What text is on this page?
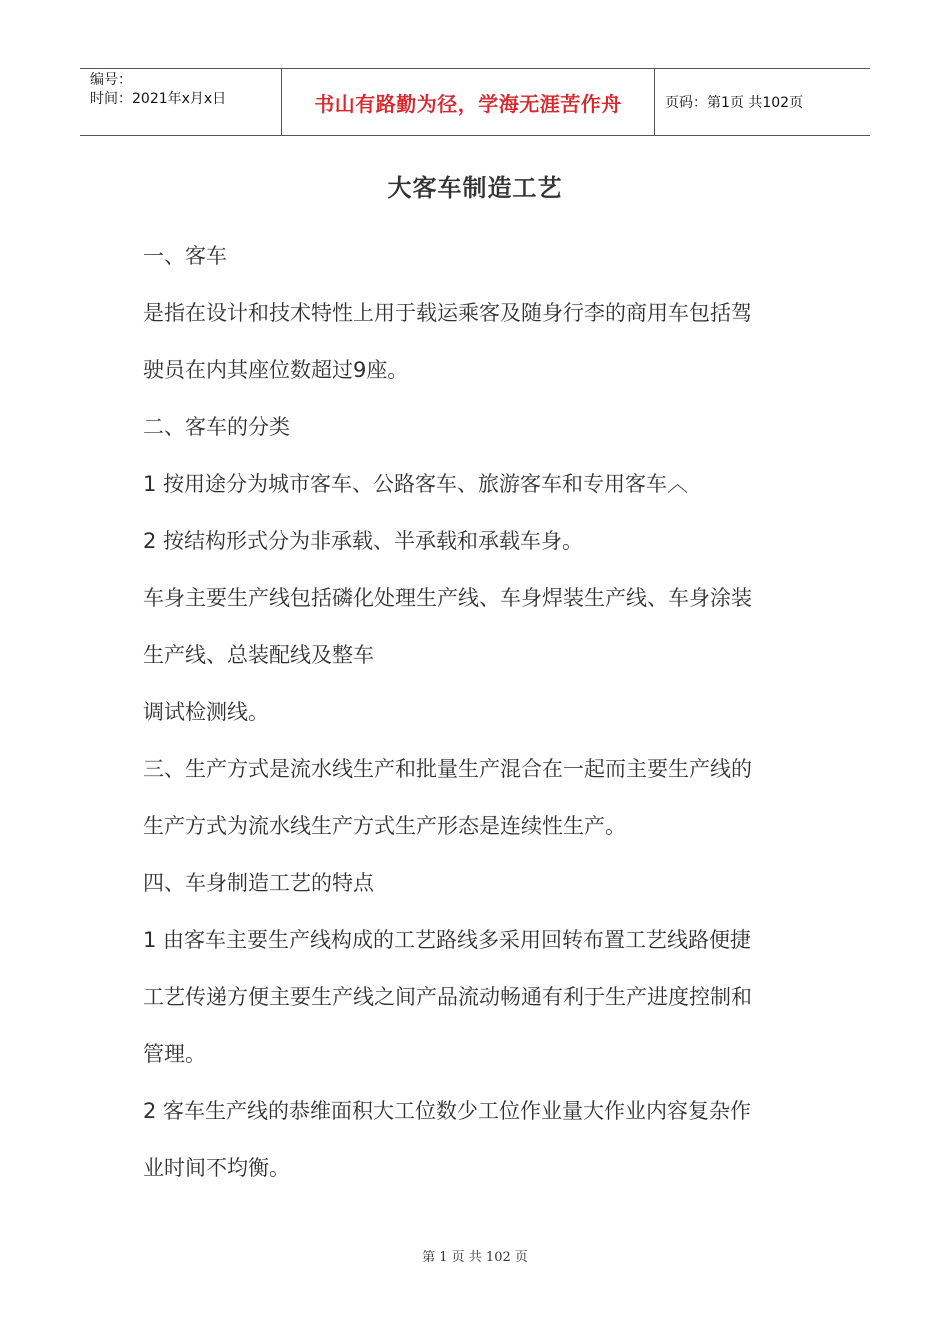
编号：
时间：2021年x月x日	书山有路勤为径，学海无涯苦作舟	页码：第1页 共102页
大客车制造工艺
一、客车
是指在设计和技术特性上用于载运乘客及随身行李的商用车包括驾
驶员在内其座位数超过9座。
二、客车的分类
1 按用途分为城市客车、公路客车、旅游客车和专用客车︿
2 按结构形式分为非承载、半承载和承载车身。
车身主要生产线包括磷化处理生产线、车身焊装生产线、车身涂装
生产线、总装配线及整车
调试检测线。
三、生产方式是流水线生产和批量生产混合在一起而主要生产线的
生产方式为流水线生产方式生产形态是连续性生产。
四、车身制造工艺的特点
1 由客车主要生产线构成的工艺路线多采用回转布置工艺线路便捷
工艺传递方便主要生产线之间产品流动畅通有利于生产进度控制和
管理。
2 客车生产线的恭维面积大工位数少工位作业量大作业内容复杂作
业时间不均衡。
第 1 页 共 102 页
